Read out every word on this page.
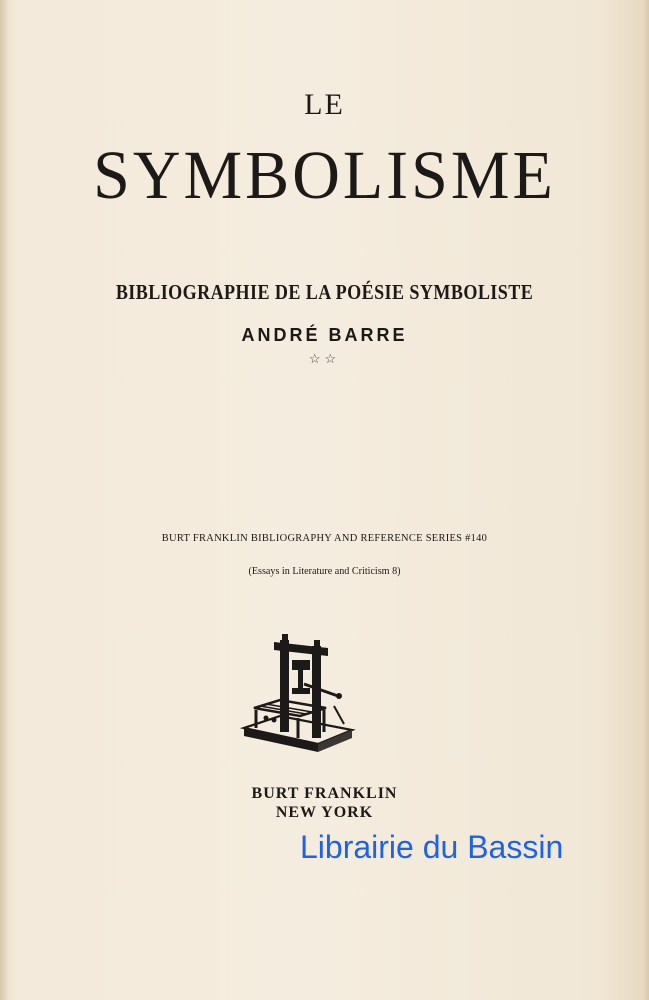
LE
SYMBOLISME
BIBLIOGRAPHIE DE LA POÉSIE SYMBOLISTE
ANDRÉ BARRE
☆☆
BURT FRANKLIN BIBLIOGRAPHY AND REFERENCE SERIES #140
(Essays in Literature and Criticism 8)
BURT FRANKLIN
NEW YORK
Librairie du Bassin
